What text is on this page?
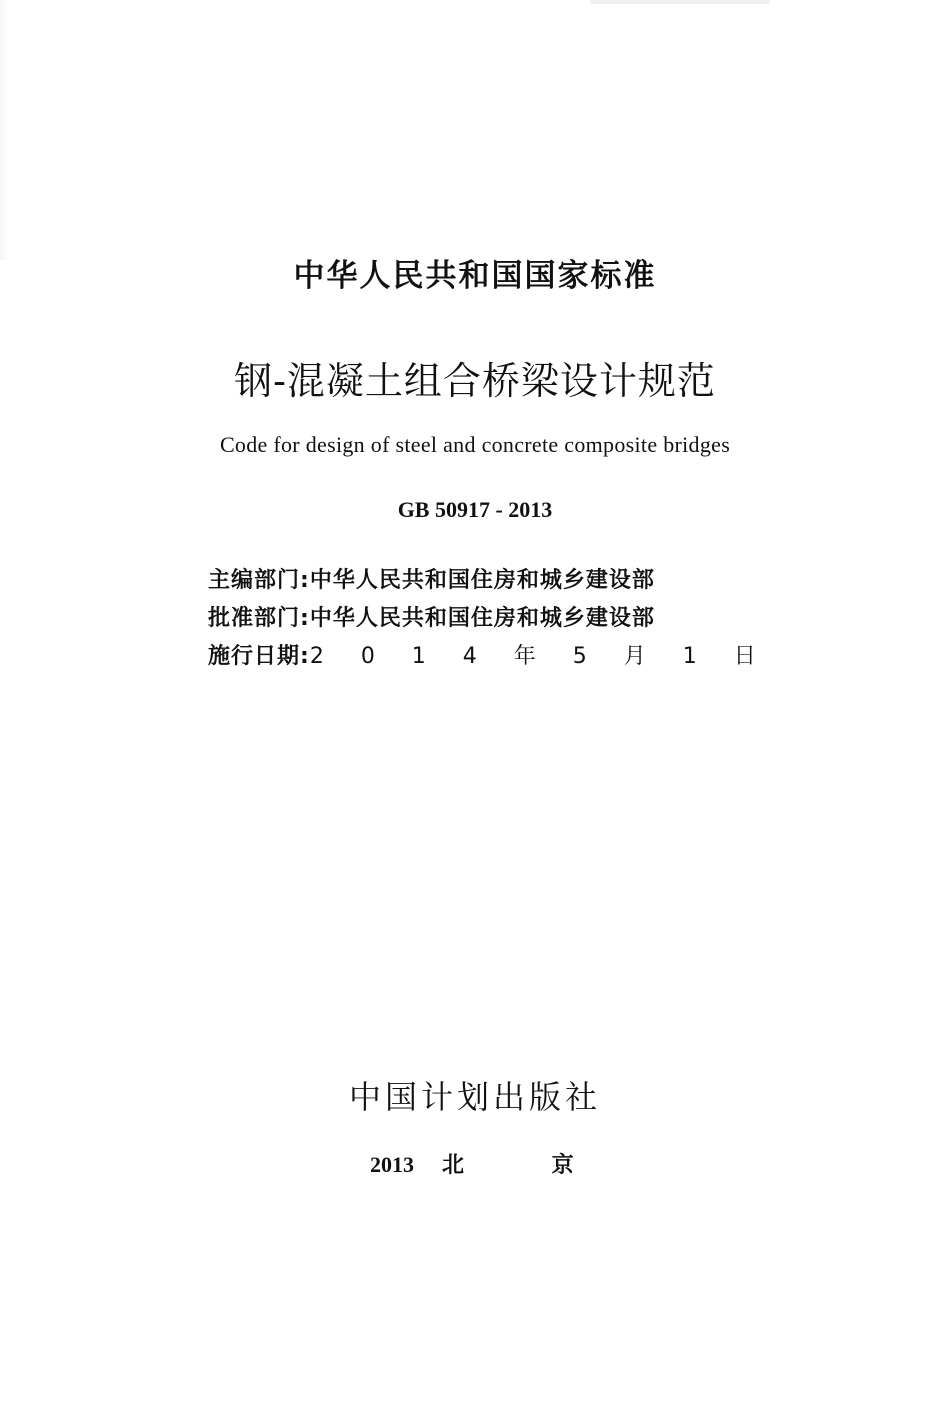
中华人民共和国国家标准
钢-混凝土组合桥梁设计规范
Code for design of steel and concrete composite bridges
GB 50917 - 2013
主编部门:中华人民共和国住房和城乡建设部
批准部门:中华人民共和国住房和城乡建设部
施行日期:2 0 1 4 年 5 月 1 日
中国计划出版社
2013 北 京
